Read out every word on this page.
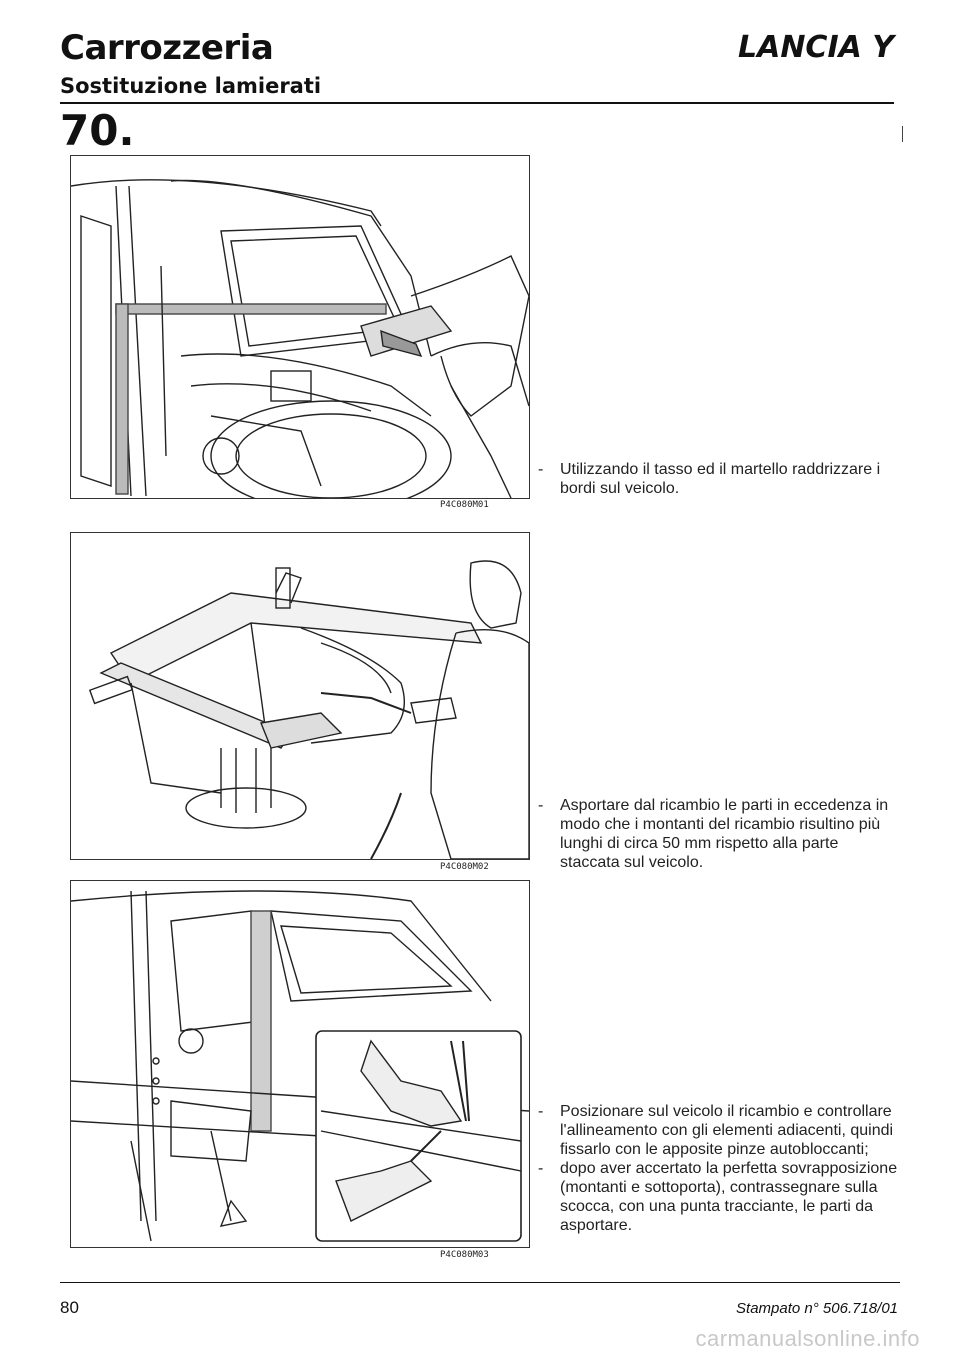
Carrozzeria
Sostituzione lamierati
LANCIA Y
70.
P4C080M01
P4C080M02
P4C080M03
-	Utilizzando il tasso ed il martello raddrizzare i bordi sul veicolo.
-	Asportare dal ricambio le parti in eccedenza in modo che i montanti del ricambio risultino più lunghi di circa 50 mm rispetto alla parte staccata sul veicolo.
-	Posizionare sul veicolo il ricambio e controllare l'allineamento con gli elementi adiacenti, quindi fissarlo con le apposite pinze autobloccanti;
-	dopo aver accertato la perfetta sovrapposizione (montanti e sottoporta), contrassegnare sulla scocca, con una punta tracciante, le parti da asportare.
80	Stampato n° 506.718/01
carmanualsonline.info
